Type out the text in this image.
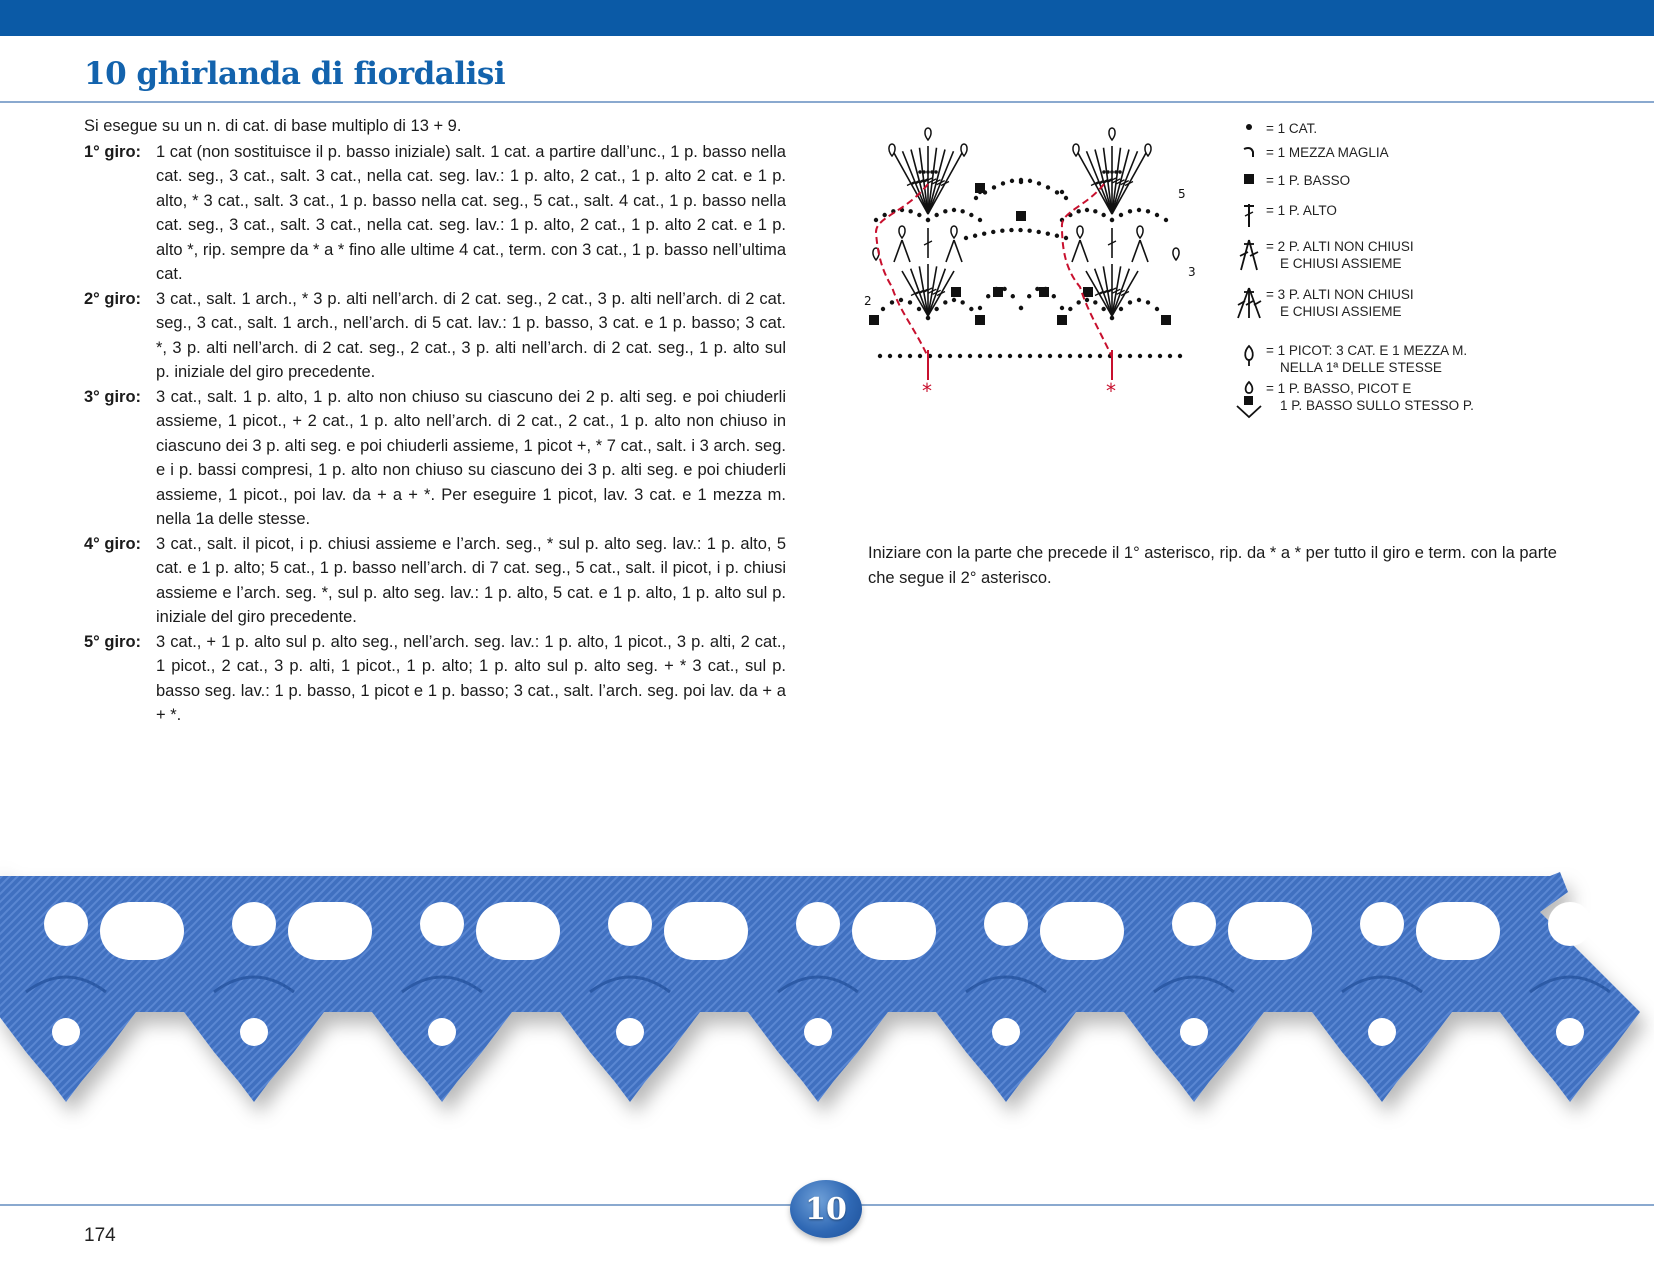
10 ghirlanda di fiordalisi

Si esegue su un n. di cat. di base multiplo di 13 + 9.

1° giro: 1 cat (non sostituisce il p. basso iniziale) salt. 1 cat. a partire dall’unc., 1 p. basso nella cat. seg., 3 cat., salt. 3 cat., nella cat. seg. lav.: 1 p. alto, 2 cat., 1 p. alto 2 cat. e 1 p. alto, * 3 cat., salt. 3 cat., 1 p. basso nella cat. seg., 5 cat., salt. 4 cat., 1 p. basso nella cat. seg., 3 cat., salt. 3 cat., nella cat. seg. lav.: 1 p. alto, 2 cat., 1 p. alto 2 cat. e 1 p. alto *, rip. sempre da * a * fino alle ultime 4 cat., term. con 3 cat., 1 p. basso nell’ultima cat.
2° giro: 3 cat., salt. 1 arch., * 3 p. alti nell’arch. di 2 cat. seg., 2 cat., 3 p. alti nell’arch. di 2 cat. seg., 3 cat., salt. 1 arch., nell’arch. di 5 cat. lav.: 1 p. basso, 3 cat. e 1 p. basso; 3 cat. *, 3 p. alti nell’arch. di 2 cat. seg., 2 cat., 3 p. alti nell’arch. di 2 cat. seg., 1 p. alto sul p. iniziale del giro precedente.
3° giro: 3 cat., salt. 1 p. alto, 1 p. alto non chiuso su ciascuno dei 2 p. alti seg. e poi chiuderli assieme, 1 picot., + 2 cat., 1 p. alto nell’arch. di 2 cat., 2 cat., 1 p. alto non chiuso in ciascuno dei 3 p. alti seg. e poi chiuderli assieme, 1 picot +, * 7 cat., salt. i 3 arch. seg. e i p. bassi compresi, 1 p. alto non chiuso su ciascuno dei 3 p. alti seg. e poi chiuderli assieme, 1 picot., poi lav. da + a + *. Per eseguire 1 picot, lav. 3 cat. e 1 mezza m. nella 1a delle stesse.
4° giro: 3 cat., salt. il picot, i p. chiusi assieme e l’arch. seg., * sul p. alto seg. lav.: 1 p. alto, 5 cat. e 1 p. alto; 5 cat., 1 p. basso nell’arch. di 7 cat. seg., 5 cat., salt. il picot, i p. chiusi assieme e l’arch. seg. *, sul p. alto seg. lav.: 1 p. alto, 5 cat. e 1 p. alto, 1 p. alto sul p. iniziale del giro precedente.
5° giro: 3 cat., + 1 p. alto sul p. alto seg., nell’arch. seg. lav.: 1 p. alto, 1 picot., 3 p. alti, 2 cat., 1 picot., 2 cat., 3 p. alti, 1 picot., 1 p. alto; 1 p. alto sul p. alto seg. + * 3 cat., sul p. basso seg. lav.: 1 p. basso, 1 picot e 1 p. basso; 3 cat., salt. l’arch. seg. poi lav. da + a + *.
*	*
2
3
5
= 1 CAT.
= 1 MEZZA MAGLIA
= 1 P. BASSO
= 1 P. ALTO
= 2 P. ALTI NON CHIUSI
E CHIUSI ASSIEME
= 3 P. ALTI NON CHIUSI
E CHIUSI ASSIEME
= 1 PICOT: 3 CAT. E 1 MEZZA M.
NELLA 1ª DELLE STESSE
= 1 P. BASSO, PICOT E
1 P. BASSO SULLO STESSO P.

Iniziare con la parte che precede il 1° asterisco, rip. da * a * per tutto il giro e term. con la parte che segue il 2° asterisco.

10
174
